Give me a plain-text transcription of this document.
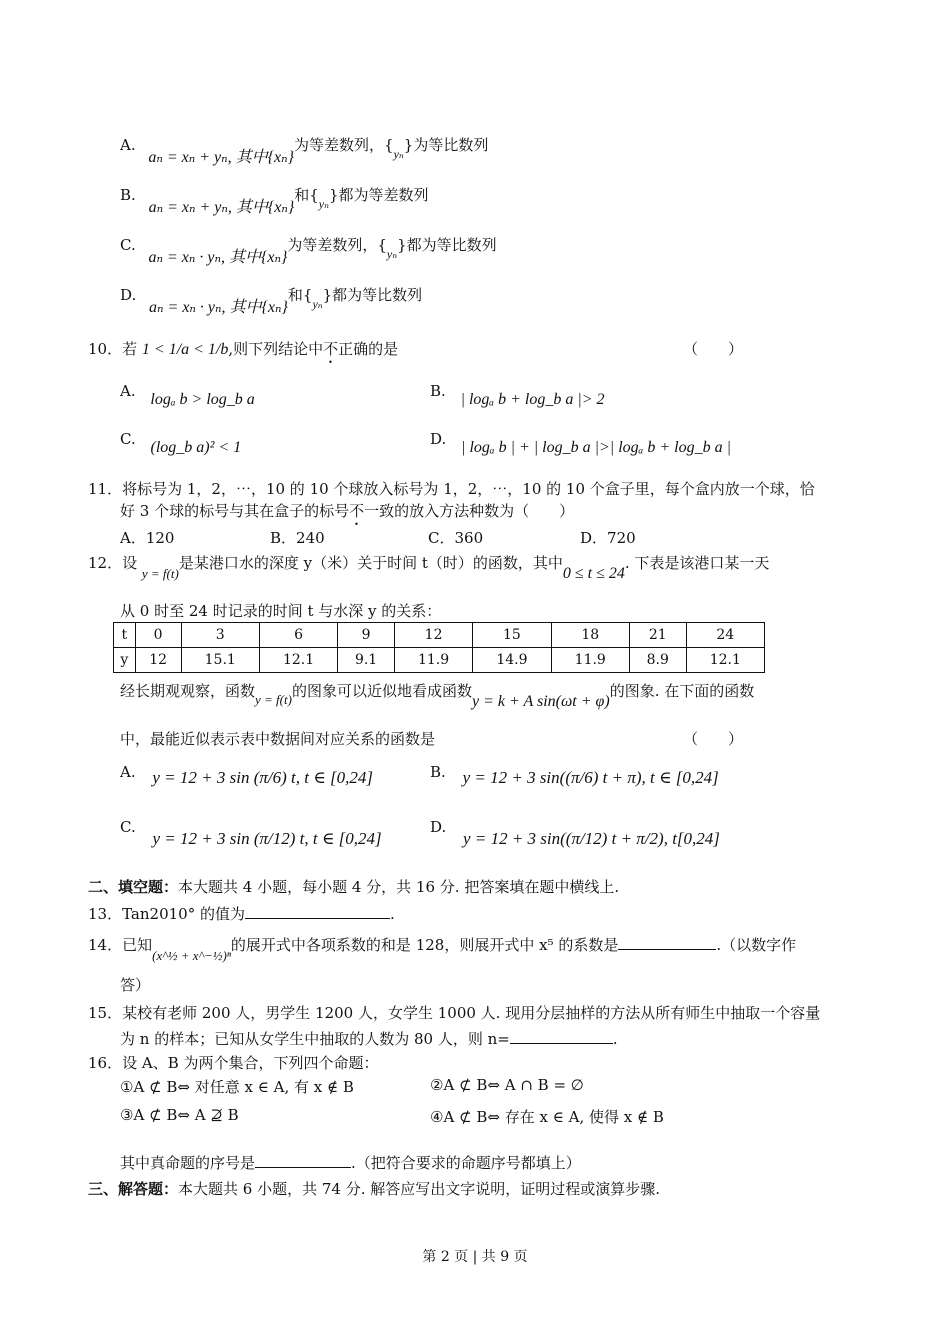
A. aₙ = xₙ + yₙ, 其中{xₙ}为等差数列，$\{_{y_n}\}$为等比数列
B. aₙ = xₙ + yₙ, 其中{xₙ}和$\{_{y_n}\}$都为等差数列
C. aₙ = xₙ · yₙ, 其中{xₙ}为等差数列，$\{_{y_n}\}$都为等比数列
D. aₙ = xₙ · yₙ, 其中{xₙ}和$\{_{y_n}\}$都为等比数列
10．若 1 < 1/a < 1/b,则下列结论中不正确的是	（　　）
A. logₐ b > log_b a	B. | logₐ b + log_b a |> 2
C. (log_b a)² < 1	D. | logₐ b | + | log_b a |>| logₐ b + log_b a |
11．将标号为 1，2，⋯，10 的 10 个球放入标号为 1，2，⋯，10 的 10 个盒子里，每个盒内放一个球，恰
好 3 个球的标号与其在盒子的标号不一致的放入方法种数为（　　）
A．120	B．240	C．360	D．720
12．设 y = f(t)是某港口水的深度 y（米）关于时间 t（时）的函数，其中0 ≤ t ≤ 24. 下表是该港口某一天
从 0 时至 24 时记录的时间 t 与水深 y 的关系：
t	0	3	6	9	12	15	18	21	24
y	12	15.1	12.1	9.1	11.9	14.9	11.9	8.9	12.1
经长期观观察，函数y = f(t)的图象可以近似地看成函数y = k + A sin(ωt + φ)的图象. 在下面的函数
中，最能近似表示表中数据间对应关系的函数是	（　　）
A. y = 12 + 3 sin (π/6) t, t ∈ [0,24]	B. y = 12 + 3 sin((π/6) t + π), t ∈ [0,24]
C. y = 12 + 3 sin (π/12) t, t ∈ [0,24]
D. y = 12 + 3 sin((π/12) t + π/2), t[0,24]
二、填空题：本大题共 4 小题，每小题 4 分，共 16 分. 把答案填在题中横线上.
13．Tan2010° 的值为	.
14．已知(x^½ + x^−½)ⁿ的展开式中各项系数的和是 128，则展开式中 x⁵ 的系数是	.（以数字作
答）
15．某校有老师 200 人，男学生 1200 人，女学生 1000 人. 现用分层抽样的方法从所有师生中抽取一个容量
为 n 的样本；已知从女学生中抽取的人数为 80 人，则 n=	.
16．设 A、B 为两个集合，下列四个命题：
①A ⊄ B⇔ 对任意 x ∈ A, 有 x ∉ B	②A ⊄ B⇔ A ∩ B = ∅
③A ⊄ B⇔ A ⊉ B	④A ⊄ B⇔ 存在 x ∈ A, 使得 x ∉ B
其中真命题的序号是	.（把符合要求的命题序号都填上）
三、解答题：本大题共 6 小题，共 74 分. 解答应写出文字说明，证明过程或演算步骤.
第 2 页 | 共 9 页
